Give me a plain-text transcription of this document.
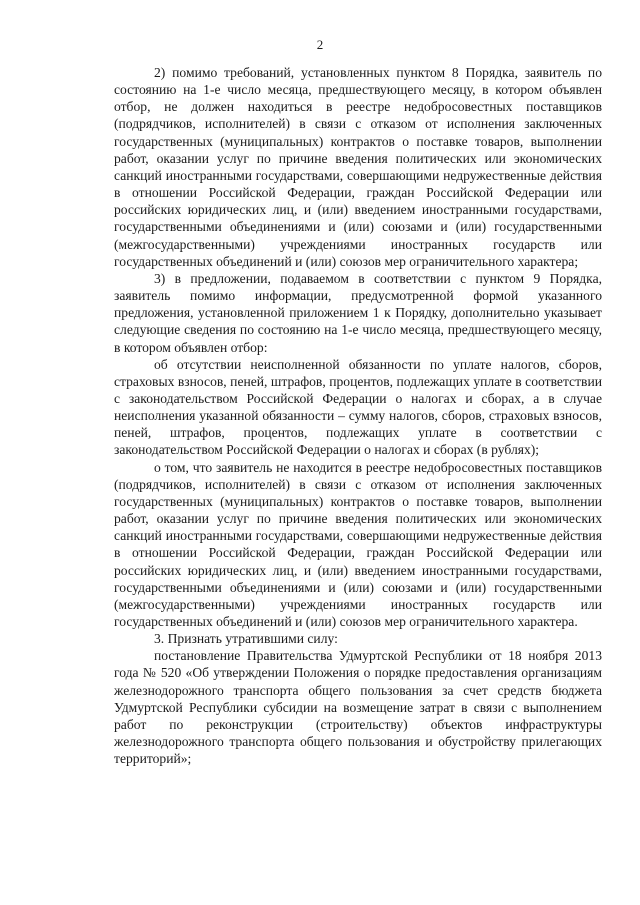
2

2) помимо требований, установленных пунктом 8 Порядка, заявитель по состоянию на 1-е число месяца, предшествующего месяцу, в котором объявлен отбор, не должен находиться в реестре недобросовестных поставщиков (подрядчиков, исполнителей) в связи с отказом от исполнения заключенных государственных (муниципальных) контрактов о поставке товаров, выполнении работ, оказании услуг по причине введения политических или экономических санкций иностранными государствами, совершающими недружественные действия в отношении Российской Федерации, граждан Российской Федерации или российских юридических лиц, и (или) введением иностранными государствами, государственными объединениями и (или) союзами и (или) государственными (межгосударственными) учреждениями иностранных государств или государственных объединений и (или) союзов мер ограничительного характера;

3) в предложении, подаваемом в соответствии с пунктом 9 Порядка, заявитель помимо информации, предусмотренной формой указанного предложения, установленной приложением 1 к Порядку, дополнительно указывает следующие сведения по состоянию на 1-е число месяца, предшествующего месяцу, в котором объявлен отбор:

об отсутствии неисполненной обязанности по уплате налогов, сборов, страховых взносов, пеней, штрафов, процентов, подлежащих уплате в соответствии с законодательством Российской Федерации о налогах и сборах, а в случае неисполнения указанной обязанности – сумму налогов, сборов, страховых взносов, пеней, штрафов, процентов, подлежащих уплате в соответствии с законодательством Российской Федерации о налогах и сборах (в рублях);

о том, что заявитель не находится в реестре недобросовестных поставщиков (подрядчиков, исполнителей) в связи с отказом от исполнения заключенных государственных (муниципальных) контрактов о поставке товаров, выполнении работ, оказании услуг по причине введения политических или экономических санкций иностранными государствами, совершающими недружественные действия в отношении Российской Федерации, граждан Российской Федерации или российских юридических лиц, и (или) введением иностранными государствами, государственными объединениями и (или) союзами и (или) государственными (межгосударственными) учреждениями иностранных государств или государственных объединений и (или) союзов мер ограничительного характера.

3. Признать утратившими силу:

постановление Правительства Удмуртской Республики от 18 ноября 2013 года № 520 «Об утверждении Положения о порядке предоставления организациям железнодорожного транспорта общего пользования за счет средств бюджета Удмуртской Республики субсидии на возмещение затрат в связи с выполнением работ по реконструкции (строительству) объектов инфраструктуры железнодорожного транспорта общего пользования и обустройству прилегающих территорий»;
